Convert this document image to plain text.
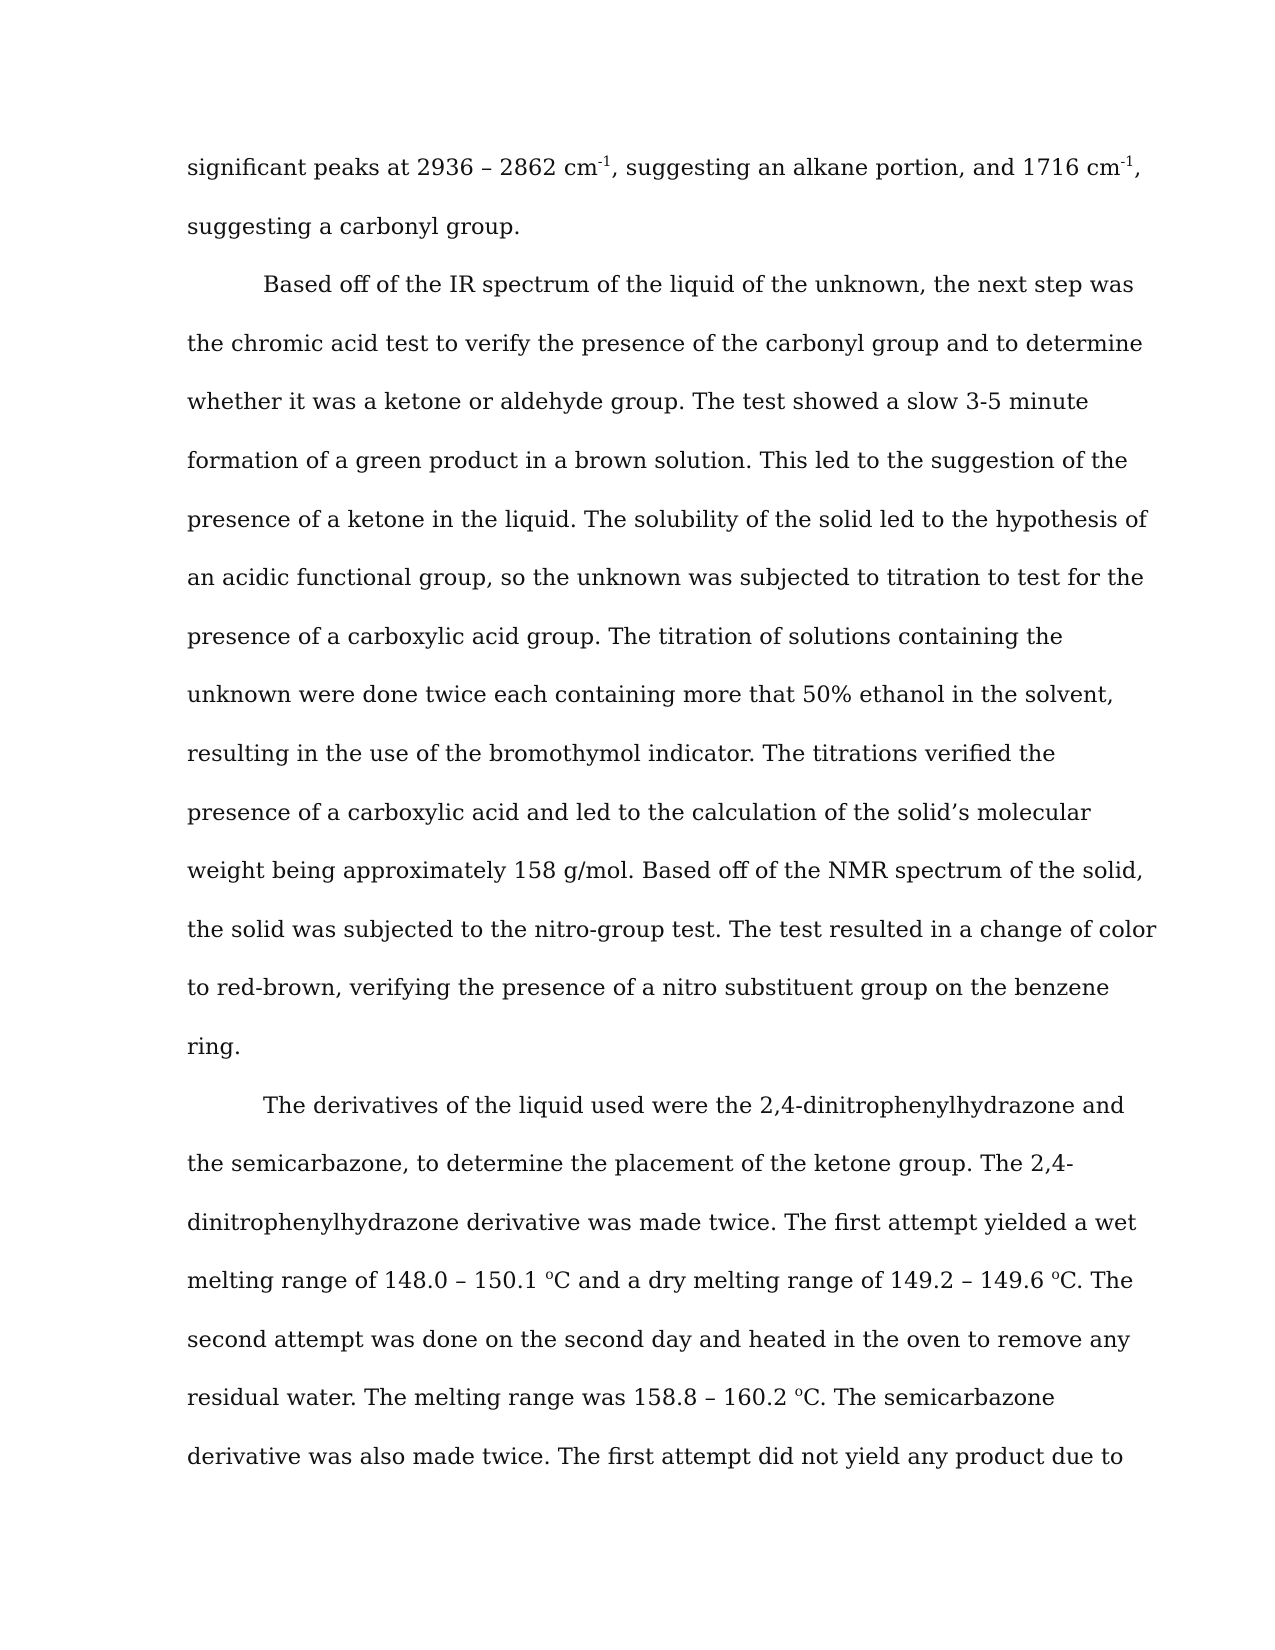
significant peaks at 2936 – 2862 $cm^{-1}$, suggesting an alkane portion, and 1716 $cm^{-1}$,
suggesting a carbonyl group.
Based off of the IR spectrum of the liquid of the unknown, the next step was
the chromic acid test to verify the presence of the carbonyl group and to determine
whether it was a ketone or aldehyde group. The test showed a slow 3-5 minute
formation of a green product in a brown solution. This led to the suggestion of the
presence of a ketone in the liquid. The solubility of the solid led to the hypothesis of
an acidic functional group, so the unknown was subjected to titration to test for the
presence of a carboxylic acid group. The titration of solutions containing the
unknown were done twice each containing more that 50% ethanol in the solvent,
resulting in the use of the bromothymol indicator. The titrations verified the
presence of a carboxylic acid and led to the calculation of the solid’s molecular
weight being approximately 158 g/mol. Based off of the NMR spectrum of the solid,
the solid was subjected to the nitro-group test. The test resulted in a change of color
to red-brown, verifying the presence of a nitro substituent group on the benzene
ring.
The derivatives of the liquid used were the 2,4-dinitrophenylhydrazone and
the semicarbazone, to determine the placement of the ketone group. The 2,4-
dinitrophenylhydrazone derivative was made twice. The first attempt yielded a wet
melting range of 148.0 – 150.1 $^o$C and a dry melting range of 149.2 – 149.6 $^o$C. The
second attempt was done on the second day and heated in the oven to remove any
residual water. The melting range was 158.8 – 160.2 $^o$C. The semicarbazone
derivative was also made twice. The first attempt did not yield any product due to
